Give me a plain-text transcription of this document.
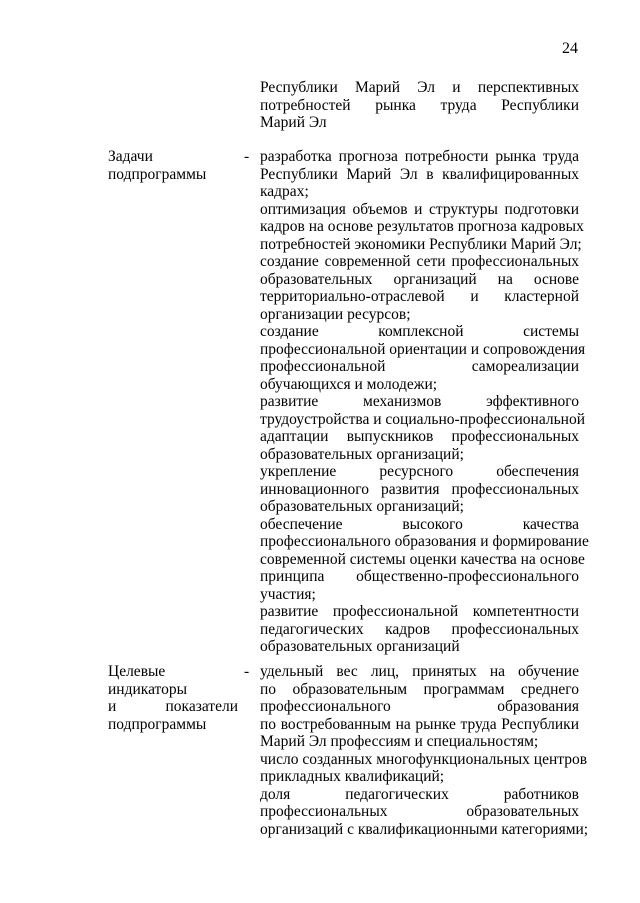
24
Республики Марий Эл и перспективных
потребностей рынка труда Республики
Марий Эл
Задачи
подпрограммы
- разработка прогноза потребности рынка труда
Республики Марий Эл в квалифицированных
кадрах;
оптимизация объемов и структуры подготовки
кадров на основе результатов прогноза кадровых
потребностей экономики Республики Марий Эл;
создание современной сети профессиональных
образовательных организаций на основе
территориально-отраслевой и кластерной
организации ресурсов;
создание комплексной системы
профессиональной ориентации и сопровождения
профессиональной самореализации
обучающихся и молодежи;
развитие механизмов эффективного
трудоустройства и социально-профессиональной
адаптации выпускников профессиональных
образовательных организаций;
укрепление ресурсного обеспечения
инновационного развития профессиональных
образовательных организаций;
обеспечение высокого качества
профессионального образования и формирование
современной системы оценки качества на основе
принципа общественно-профессионального
участия;
развитие профессиональной компетентности
педагогических кадров профессиональных
образовательных организаций
Целевые
индикаторы
и показатели
подпрограммы
- удельный вес лиц, принятых на обучение
по образовательным программам среднего
профессионального образования
по востребованным на рынке труда Республики
Марий Эл профессиям и специальностям;
число созданных многофункциональных центров
прикладных квалификаций;
доля педагогических работников
профессиональных образовательных
организаций с квалификационными категориями;
